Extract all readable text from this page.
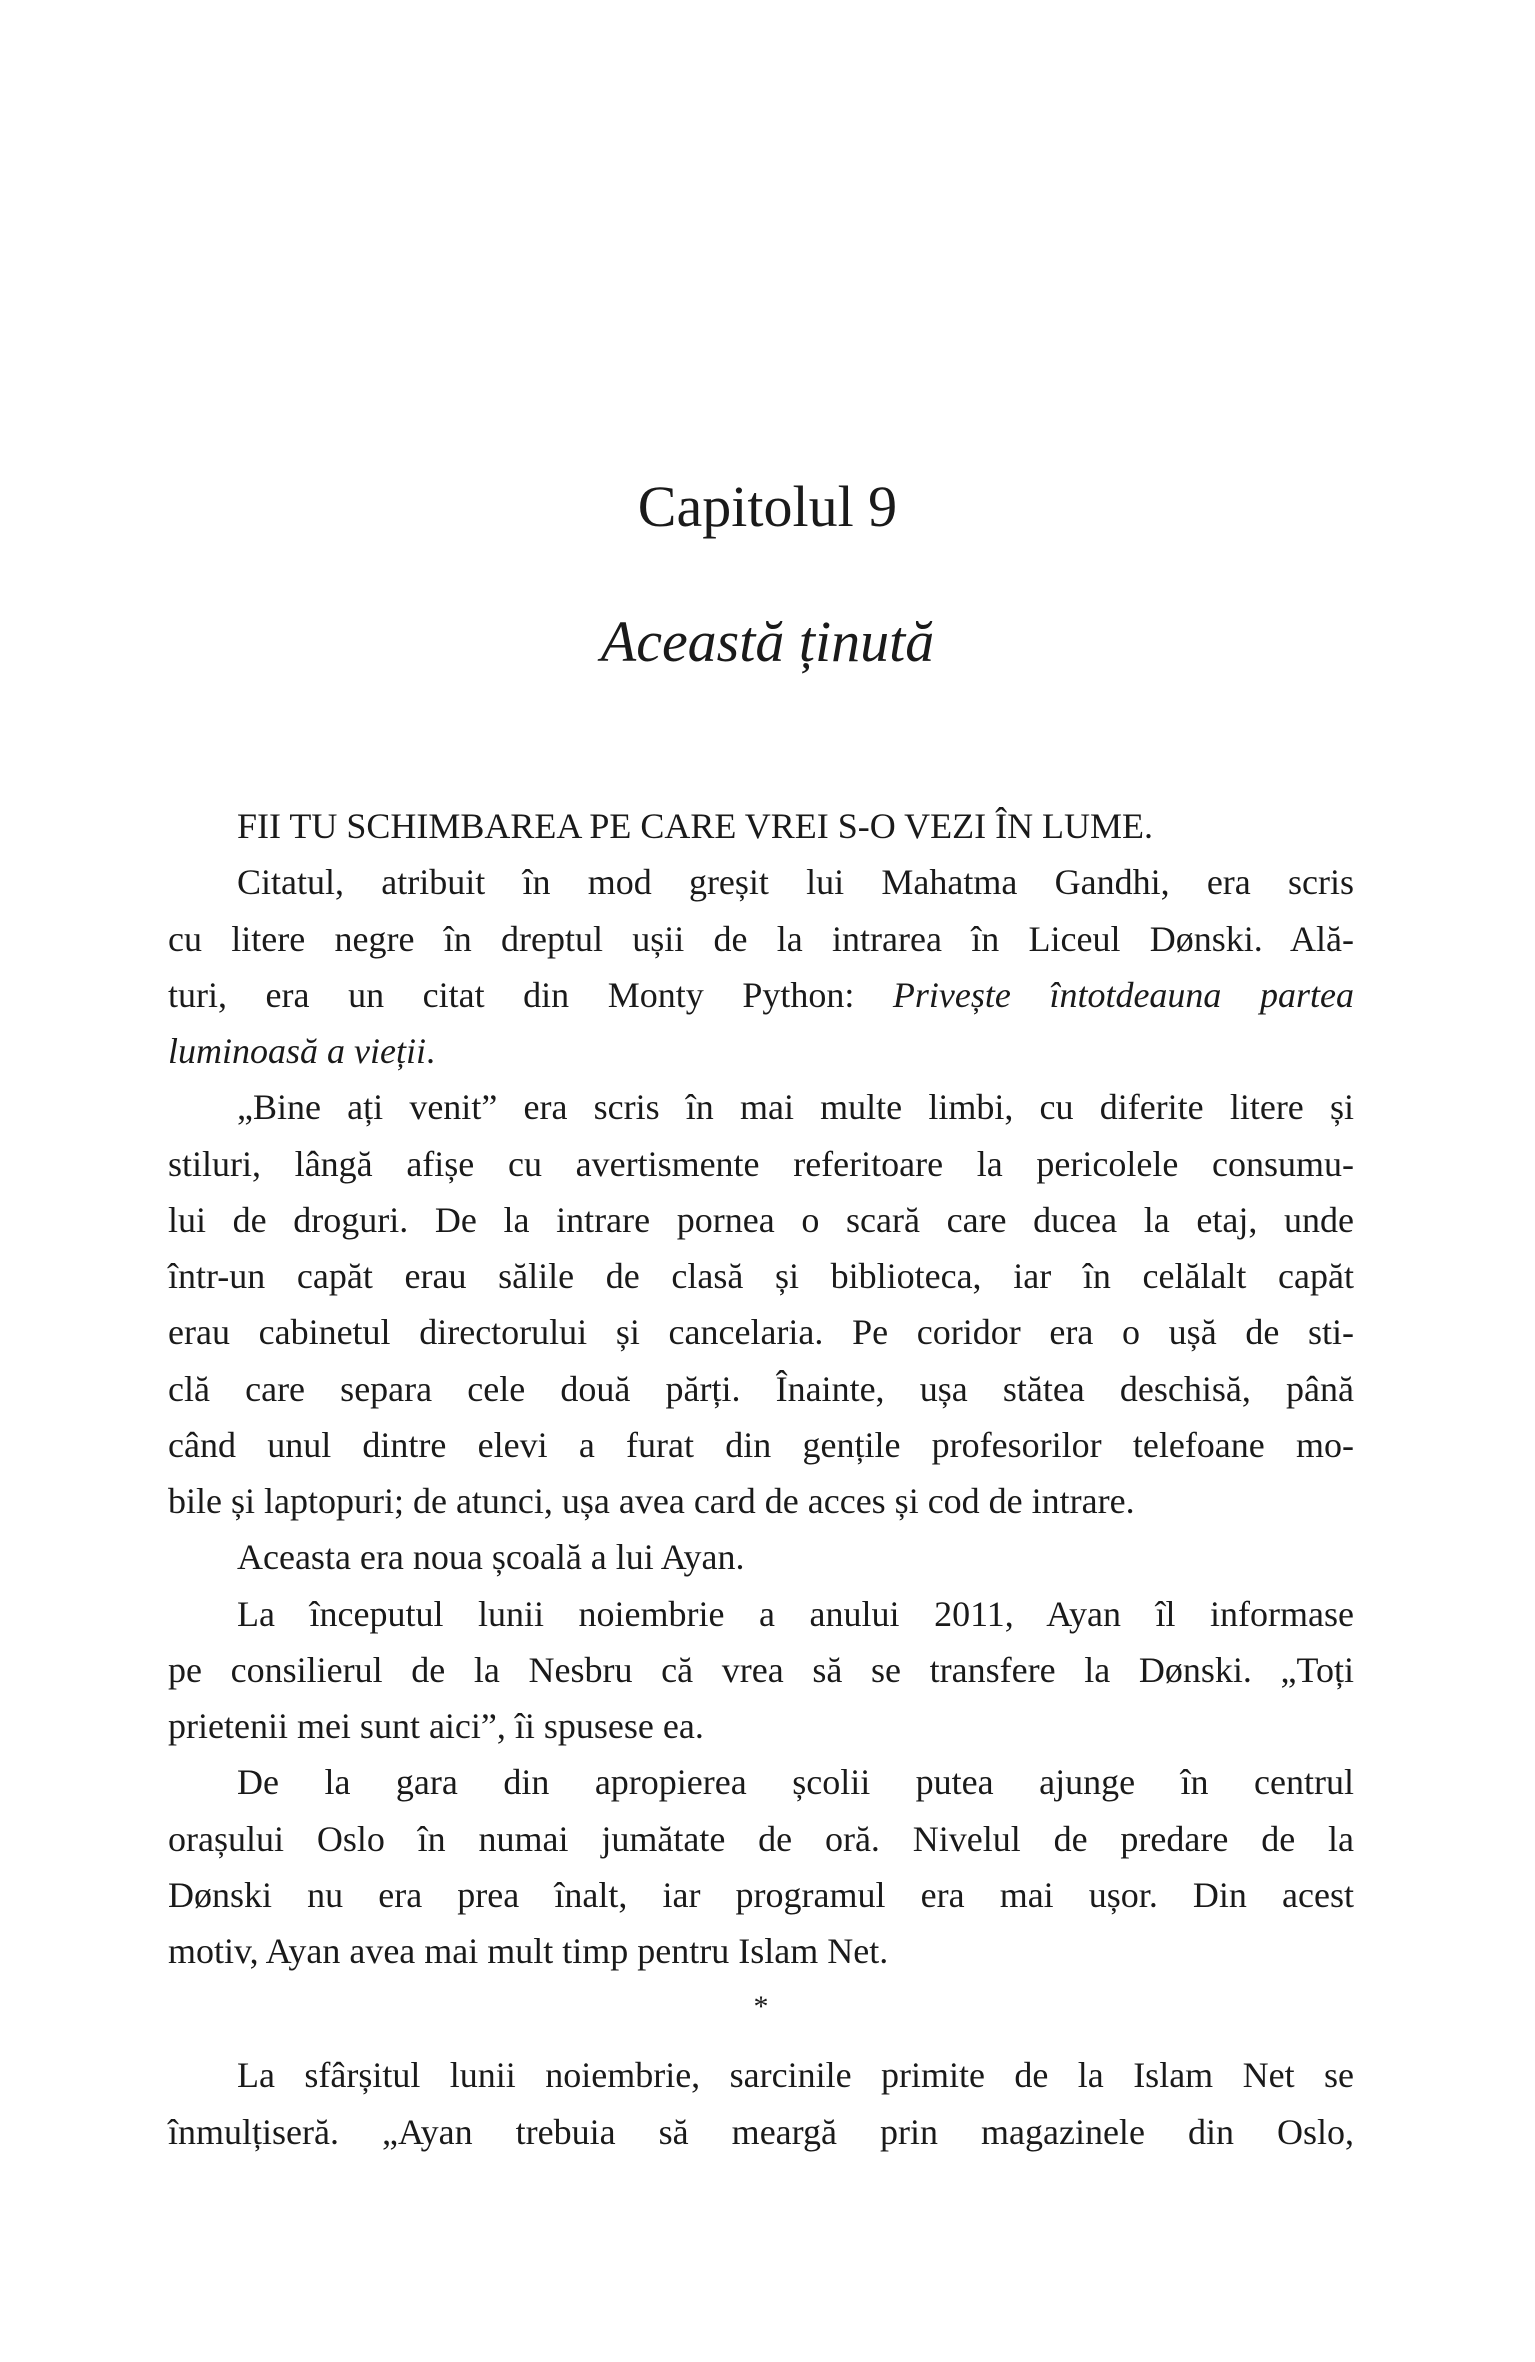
Capitolul 9
Această ținută
FII TU SCHIMBAREA PE CARE VREI S-O VEZI ÎN LUME.
Citatul, atribuit în mod greșit lui Mahatma Gandhi, era scris
cu litere negre în dreptul ușii de la intrarea în Liceul Dønski. Ală-
turi, era un citat din Monty Python: Privește întotdeauna partea
luminoasă a vieții.
„Bine ați venit” era scris în mai multe limbi, cu diferite litere și
stiluri, lângă afișe cu avertismente referitoare la pericolele consumu-
lui de droguri. De la intrare pornea o scară care ducea la etaj, unde
într-un capăt erau sălile de clasă și biblioteca, iar în celălalt capăt
erau cabinetul directorului și cancelaria. Pe coridor era o ușă de sti-
clă care separa cele două părți. Înainte, ușa stătea deschisă, până
când unul dintre elevi a furat din gențile profesorilor telefoane mo-
bile și laptopuri; de atunci, ușa avea card de acces și cod de intrare.
Aceasta era noua școală a lui Ayan.
La începutul lunii noiembrie a anului 2011, Ayan îl informase
pe consilierul de la Nesbru că vrea să se transfere la Dønski. „Toți
prietenii mei sunt aici”, îi spusese ea.
De la gara din apropierea școlii putea ajunge în centrul
orașului Oslo în numai jumătate de oră. Nivelul de predare de la
Dønski nu era prea înalt, iar programul era mai ușor. Din acest
motiv, Ayan avea mai mult timp pentru Islam Net.
*
La sfârșitul lunii noiembrie, sarcinile primite de la Islam Net se
înmulțiseră. „Ayan trebuia să meargă prin magazinele din Oslo,
